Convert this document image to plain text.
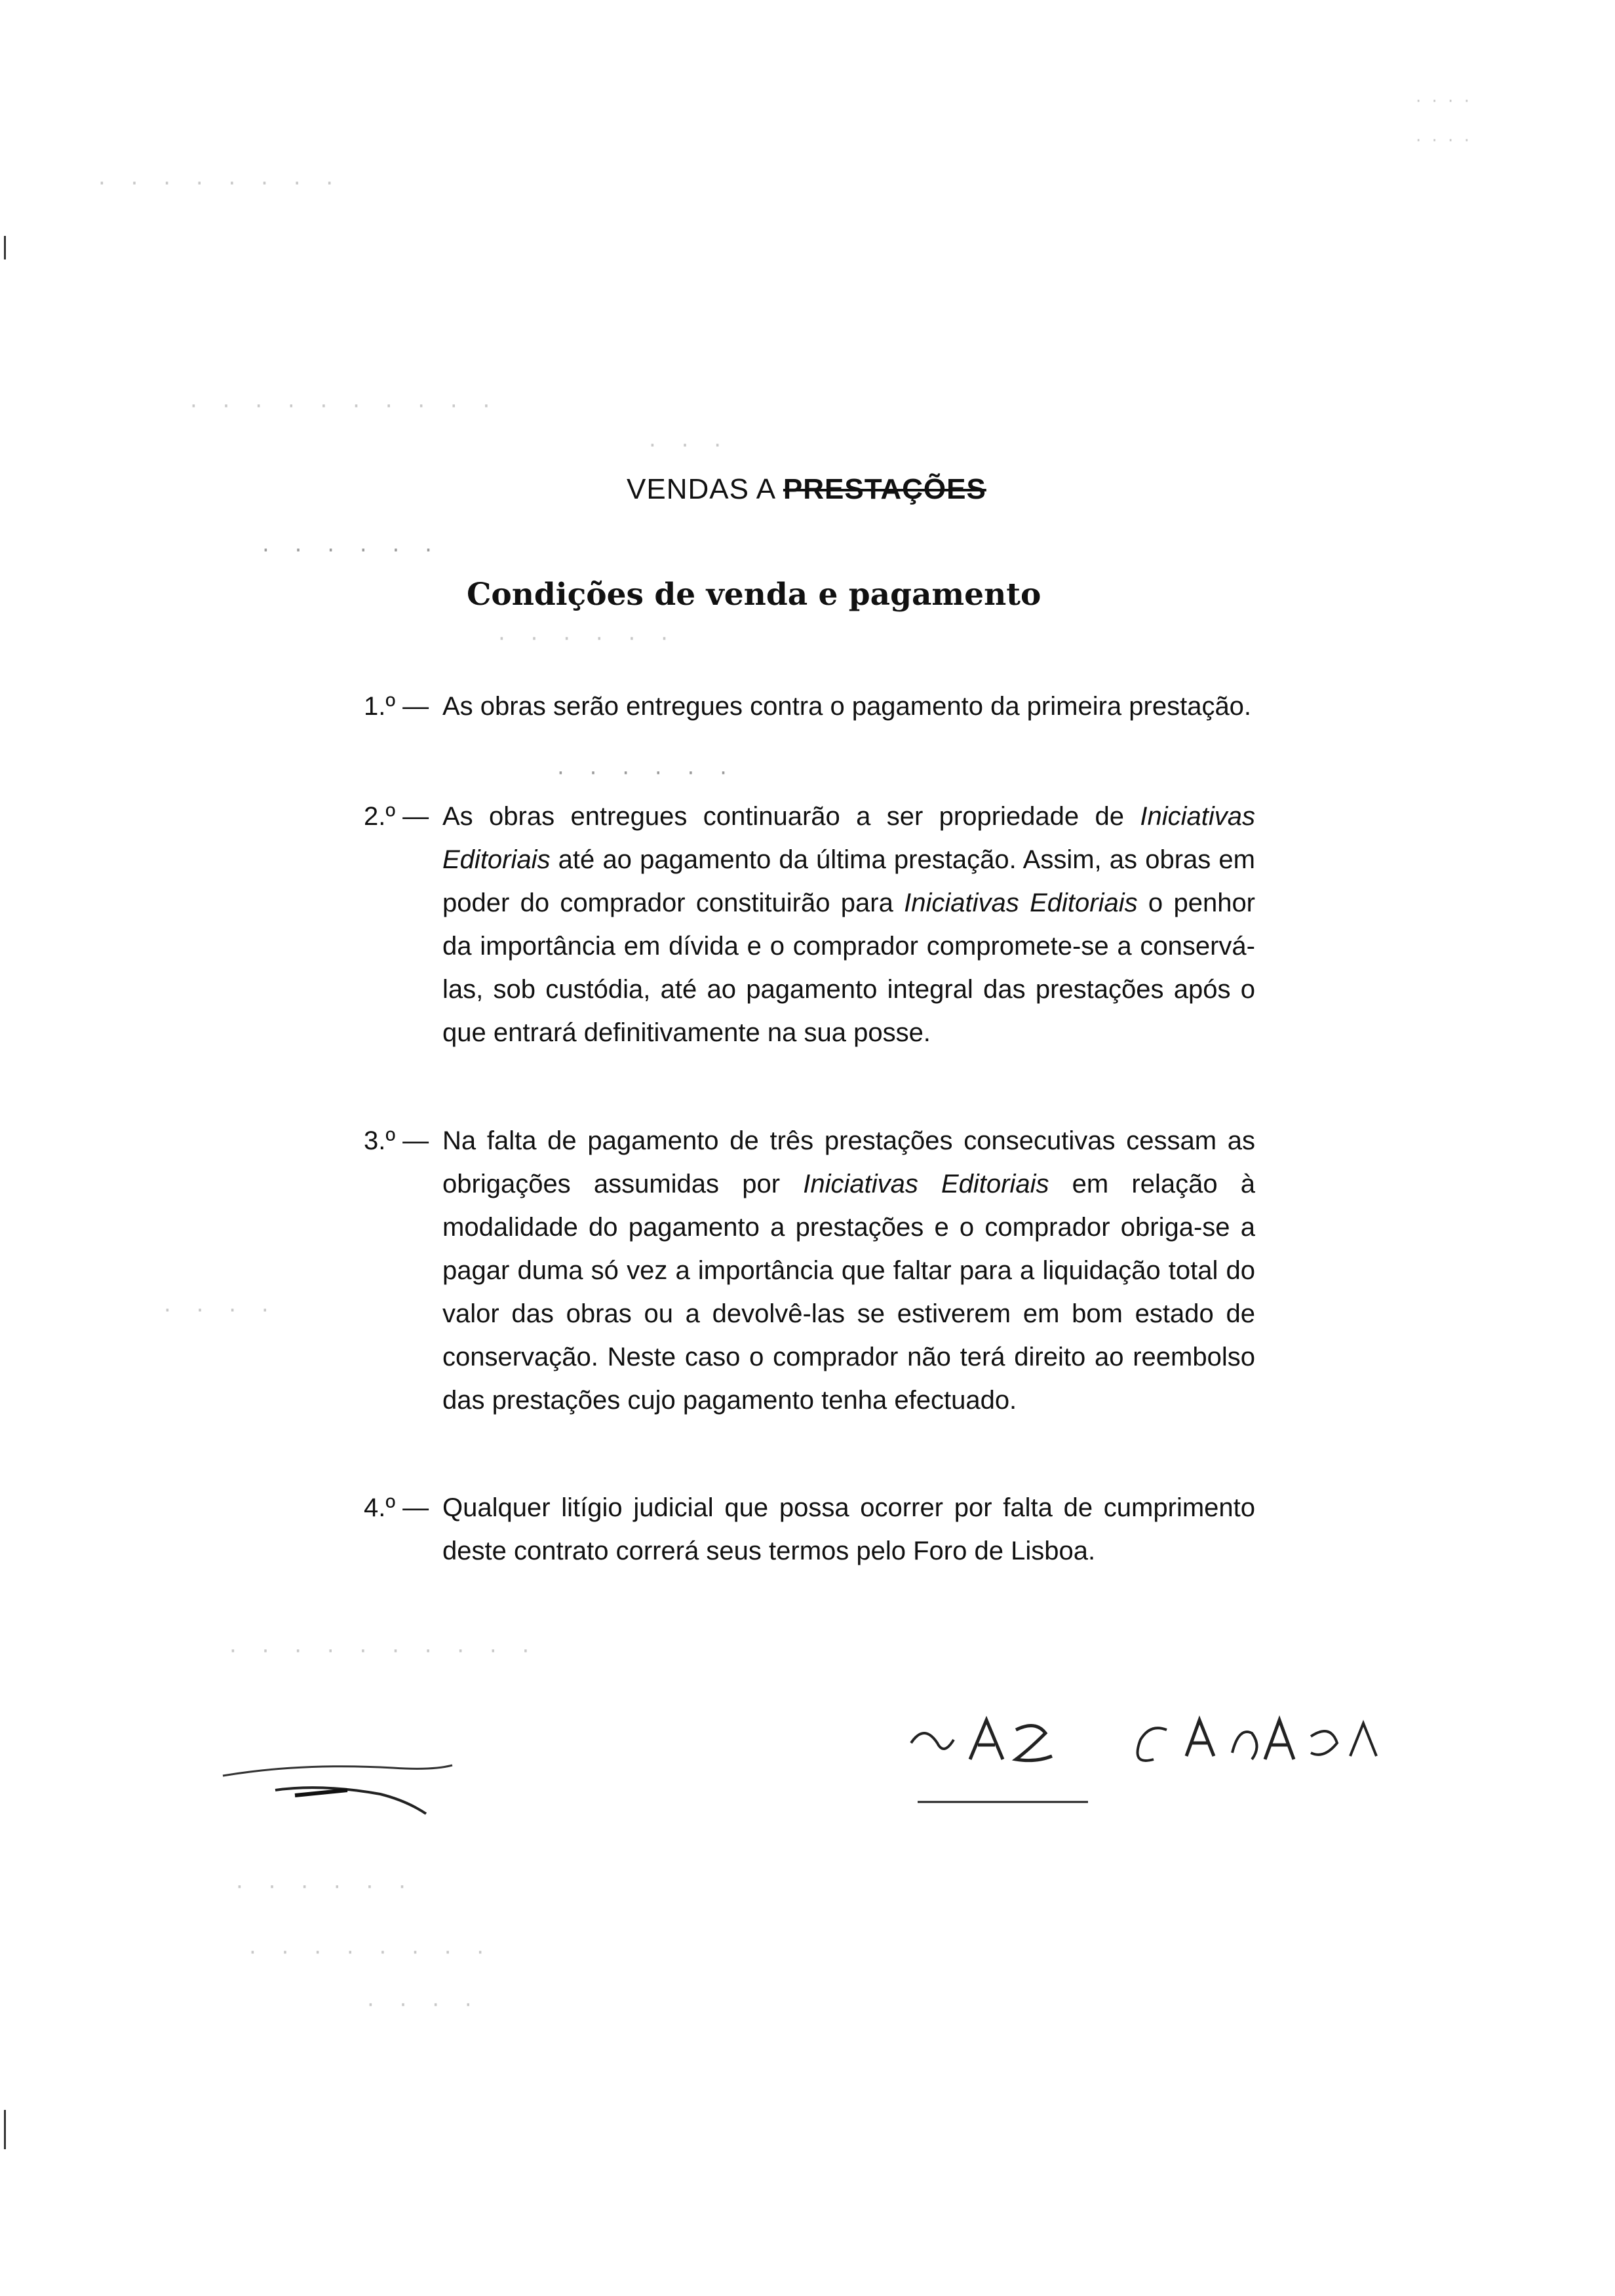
· · · · · · · ·
· · · ·
· · · ·
· · · · · · · · · ·
· · ·
· · · · · ·
· · · · · ·
· · · · · ·
· · · ·
· · · · · · · · · ·
· · · · · ·
· · · · · · · ·
· · · ·
VENDAS A PRESTAÇÕES
Condições de venda e pagamento
1.º — As obras serão entregues contra o pagamento da primeira prestação.
2.º — As obras entregues continuarão a ser propriedade de Iniciativas Editoriais até ao pagamento da última prestação. Assim, as obras em poder do comprador constituirão para Iniciativas Editoriais o penhor da importância em dívida e o comprador compromete-se a conservá-las, sob custódia, até ao pagamento integral das prestações após o que entrará definitivamente na sua posse.
3.º — Na falta de pagamento de três prestações consecutivas cessam as obrigações assumidas por Iniciativas Editoriais em relação à modalidade do pagamento a prestações e o comprador obriga-se a pagar duma só vez a importância que faltar para a liquidação total do valor das obras ou a devolvê-las se estiverem em bom estado de conservação. Neste caso o comprador não terá direito ao reembolso das prestações cujo pagamento tenha efectuado.
4.º — Qualquer litígio judicial que possa ocorrer por falta de cumprimento deste contrato correrá seus termos pelo Foro de Lisboa.
